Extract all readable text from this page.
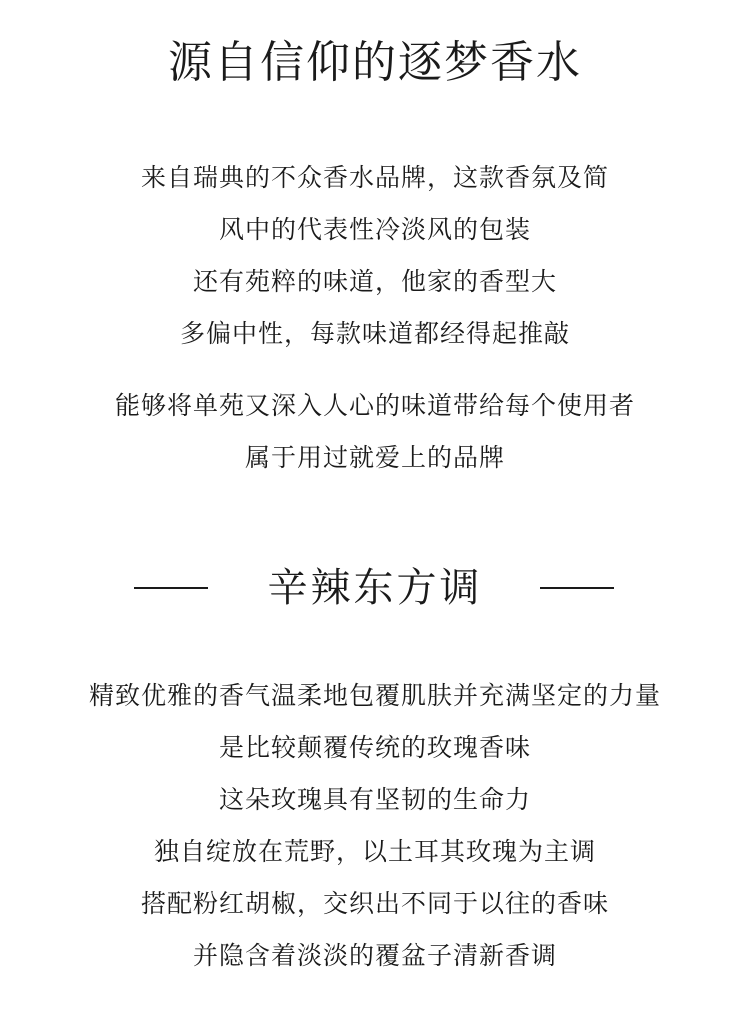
源自信仰的逐梦香水
来自瑞典的不众香水品牌，这款香氛及简
风中的代表性冷淡风的包装
还有苑粹的味道，他家的香型大
多偏中性，每款味道都经得起推敲
能够将单苑又深入人心的味道带给每个使用者
属于用过就爱上的品牌
辛辣东方调
精致优雅的香气温柔地包覆肌肤并充满坚定的力量
是比较颠覆传统的玫瑰香味
这朵玫瑰具有坚韧的生命力
独自绽放在荒野，以土耳其玫瑰为主调
搭配粉红胡椒，交织出不同于以往的香味
并隐含着淡淡的覆盆子清新香调
